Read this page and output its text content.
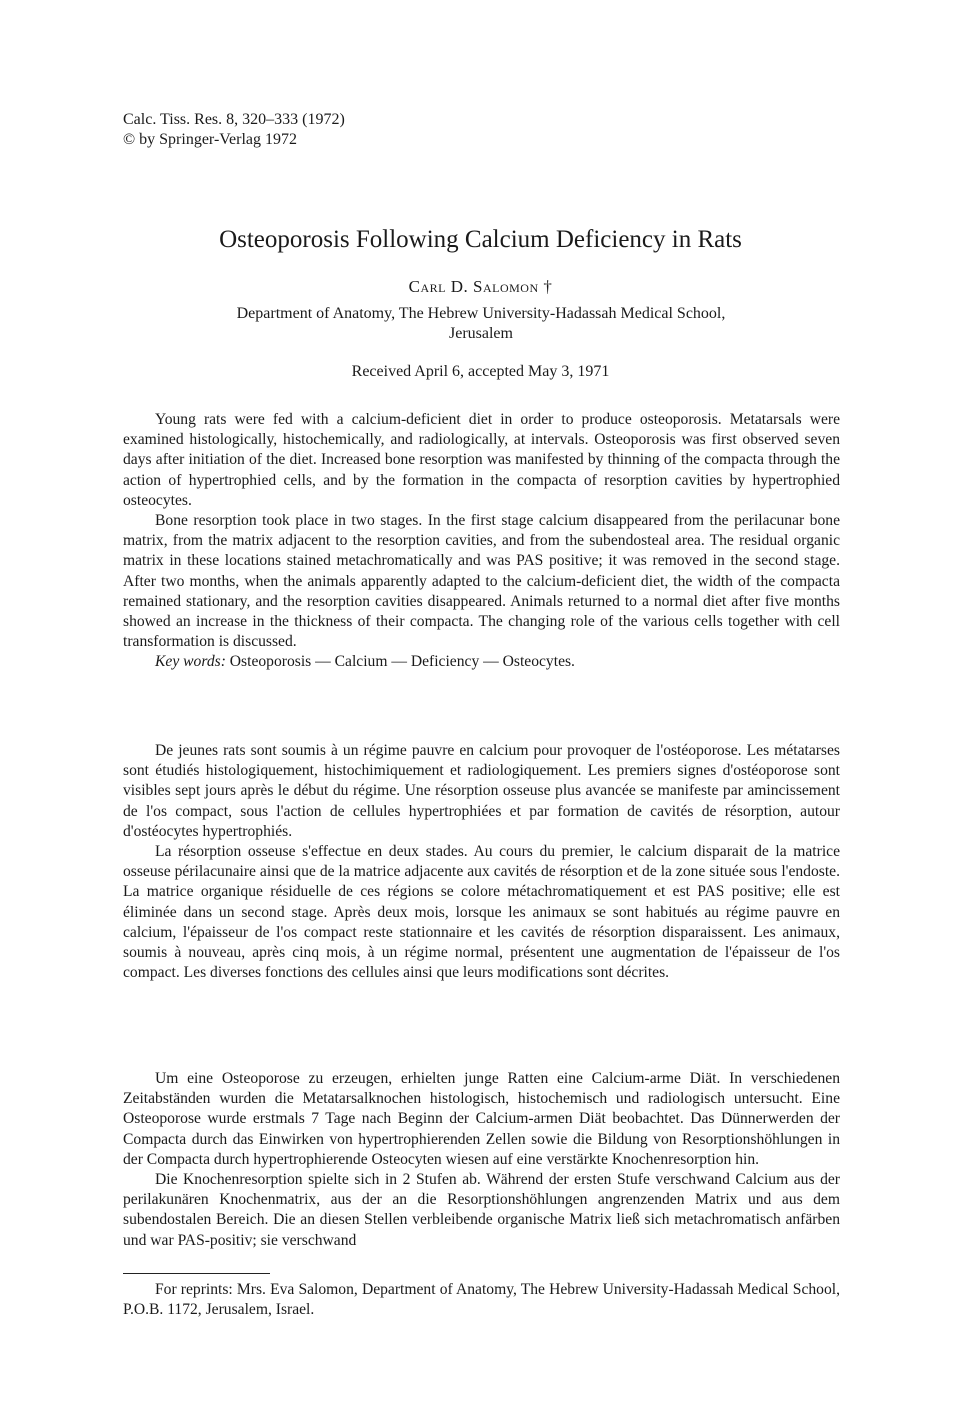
Calc. Tiss. Res. 8, 320–333 (1972)
© by Springer-Verlag 1972
Osteoporosis Following Calcium Deficiency in Rats
Carl D. Salomon †
Department of Anatomy, The Hebrew University-Hadassah Medical School,
Jerusalem
Received April 6, accepted May 3, 1971

Young rats were fed with a calcium-deficient diet in order to produce osteoporosis. Metatarsals were examined histologically, histochemically, and radiologically, at intervals. Osteoporosis was first observed seven days after initiation of the diet. Increased bone resorption was manifested by thinning of the compacta through the action of hypertrophied cells, and by the formation in the compacta of resorption cavities by hypertrophied osteocytes.

Bone resorption took place in two stages. In the first stage calcium disappeared from the perilacunar bone matrix, from the matrix adjacent to the resorption cavities, and from the subendosteal area. The residual organic matrix in these locations stained metachromatically and was PAS positive; it was removed in the second stage. After two months, when the animals apparently adapted to the calcium-deficient diet, the width of the compacta remained stationary, and the resorption cavities disappeared. Animals returned to a normal diet after five months showed an increase in the thickness of their compacta. The changing role of the various cells together with cell transformation is discussed.

Key words: Osteoporosis — Calcium — Deficiency — Osteocytes.

De jeunes rats sont soumis à un régime pauvre en calcium pour provoquer de l'ostéoporose. Les métatarses sont étudiés histologiquement, histochimiquement et radiologiquement. Les premiers signes d'ostéoporose sont visibles sept jours après le début du régime. Une résorption osseuse plus avancée se manifeste par amincissement de l'os compact, sous l'action de cellules hypertrophiées et par formation de cavités de résorption, autour d'ostéocytes hypertrophiés.

La résorption osseuse s'effectue en deux stades. Au cours du premier, le calcium disparait de la matrice osseuse périlacunaire ainsi que de la matrice adjacente aux cavités de résorption et de la zone située sous l'endoste. La matrice organique résiduelle de ces régions se colore métachromatiquement et est PAS positive; elle est éliminée dans un second stage. Après deux mois, lorsque les animaux se sont habitués au régime pauvre en calcium, l'épaisseur de l'os compact reste stationnaire et les cavités de résorption disparaissent. Les animaux, soumis à nouveau, après cinq mois, à un régime normal, présentent une augmentation de l'épaisseur de l'os compact. Les diverses fonctions des cellules ainsi que leurs modifications sont décrites.

Um eine Osteoporose zu erzeugen, erhielten junge Ratten eine Calcium-arme Diät. In verschiedenen Zeitabständen wurden die Metatarsalknochen histologisch, histochemisch und radiologisch untersucht. Eine Osteoporose wurde erstmals 7 Tage nach Beginn der Calcium-armen Diät beobachtet. Das Dünnerwerden der Compacta durch das Einwirken von hypertrophierenden Zellen sowie die Bildung von Resorptionshöhlungen in der Compacta durch hypertrophierende Osteocyten wiesen auf eine verstärkte Knochenresorption hin.

Die Knochenresorption spielte sich in 2 Stufen ab. Während der ersten Stufe verschwand Calcium aus der perilakunären Knochenmatrix, aus der an die Resorptionshöhlungen angrenzenden Matrix und aus dem subendostalen Bereich. Die an diesen Stellen verbleibende organische Matrix ließ sich metachromatisch anfärben und war PAS-positiv; sie verschwand

For reprints: Mrs. Eva Salomon, Department of Anatomy, The Hebrew University-Hadassah Medical School, P.O.B. 1172, Jerusalem, Israel.
